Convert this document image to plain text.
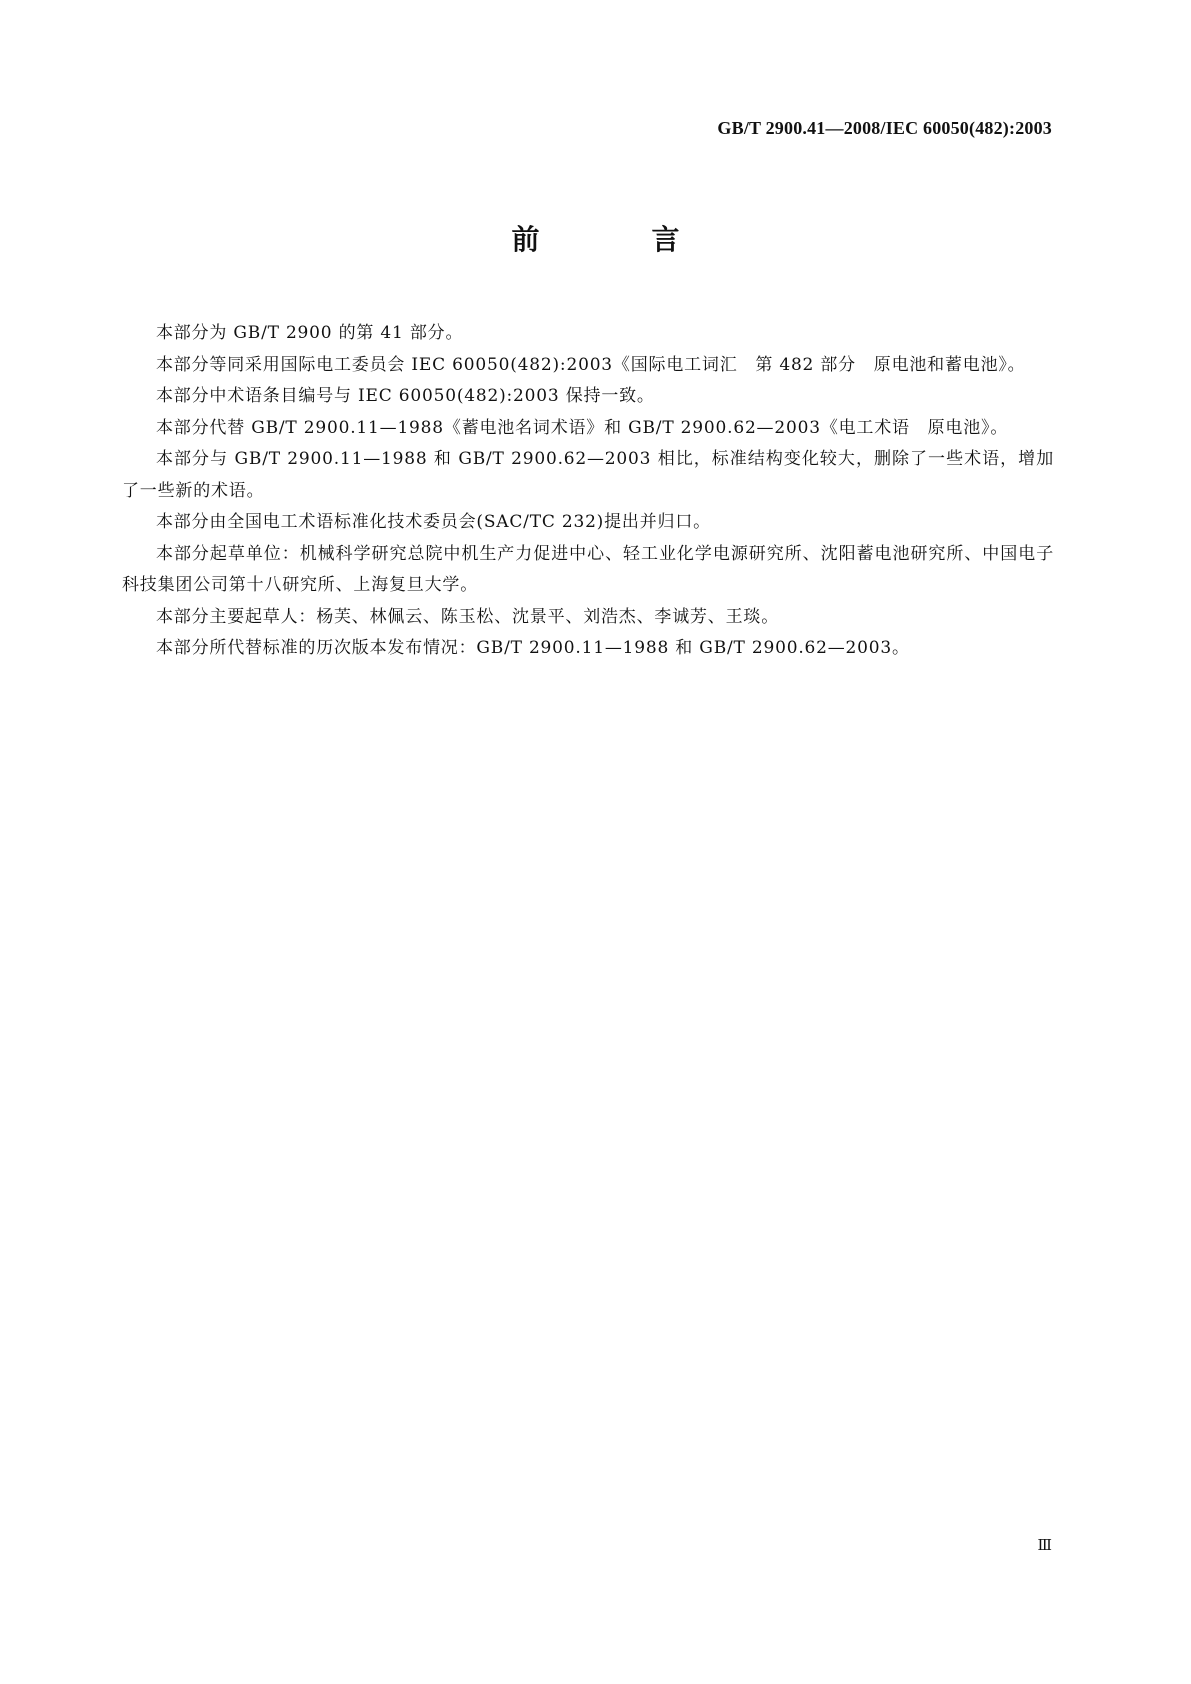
GB/T 2900.41—2008/IEC 60050(482):2003
前　言

本部分为 GB/T 2900 的第 41 部分。

本部分等同采用国际电工委员会 IEC 60050(482):2003《国际电工词汇　第 482 部分　原电池和蓄电池》。

本部分中术语条目编号与 IEC 60050(482):2003 保持一致。

本部分代替 GB/T 2900.11—1988《蓄电池名词术语》和 GB/T 2900.62—2003《电工术语　原电池》。

本部分与 GB/T 2900.11—1988 和 GB/T 2900.62—2003 相比，标准结构变化较大，删除了一些术语，增加了一些新的术语。

本部分由全国电工术语标准化技术委员会(SAC/TC 232)提出并归口。

本部分起草单位：机械科学研究总院中机生产力促进中心、轻工业化学电源研究所、沈阳蓄电池研究所、中国电子科技集团公司第十八研究所、上海复旦大学。

本部分主要起草人：杨芙、林佩云、陈玉松、沈景平、刘浩杰、李诚芳、王琰。

本部分所代替标准的历次版本发布情况：GB/T 2900.11—1988 和 GB/T 2900.62—2003。

Ⅲ
